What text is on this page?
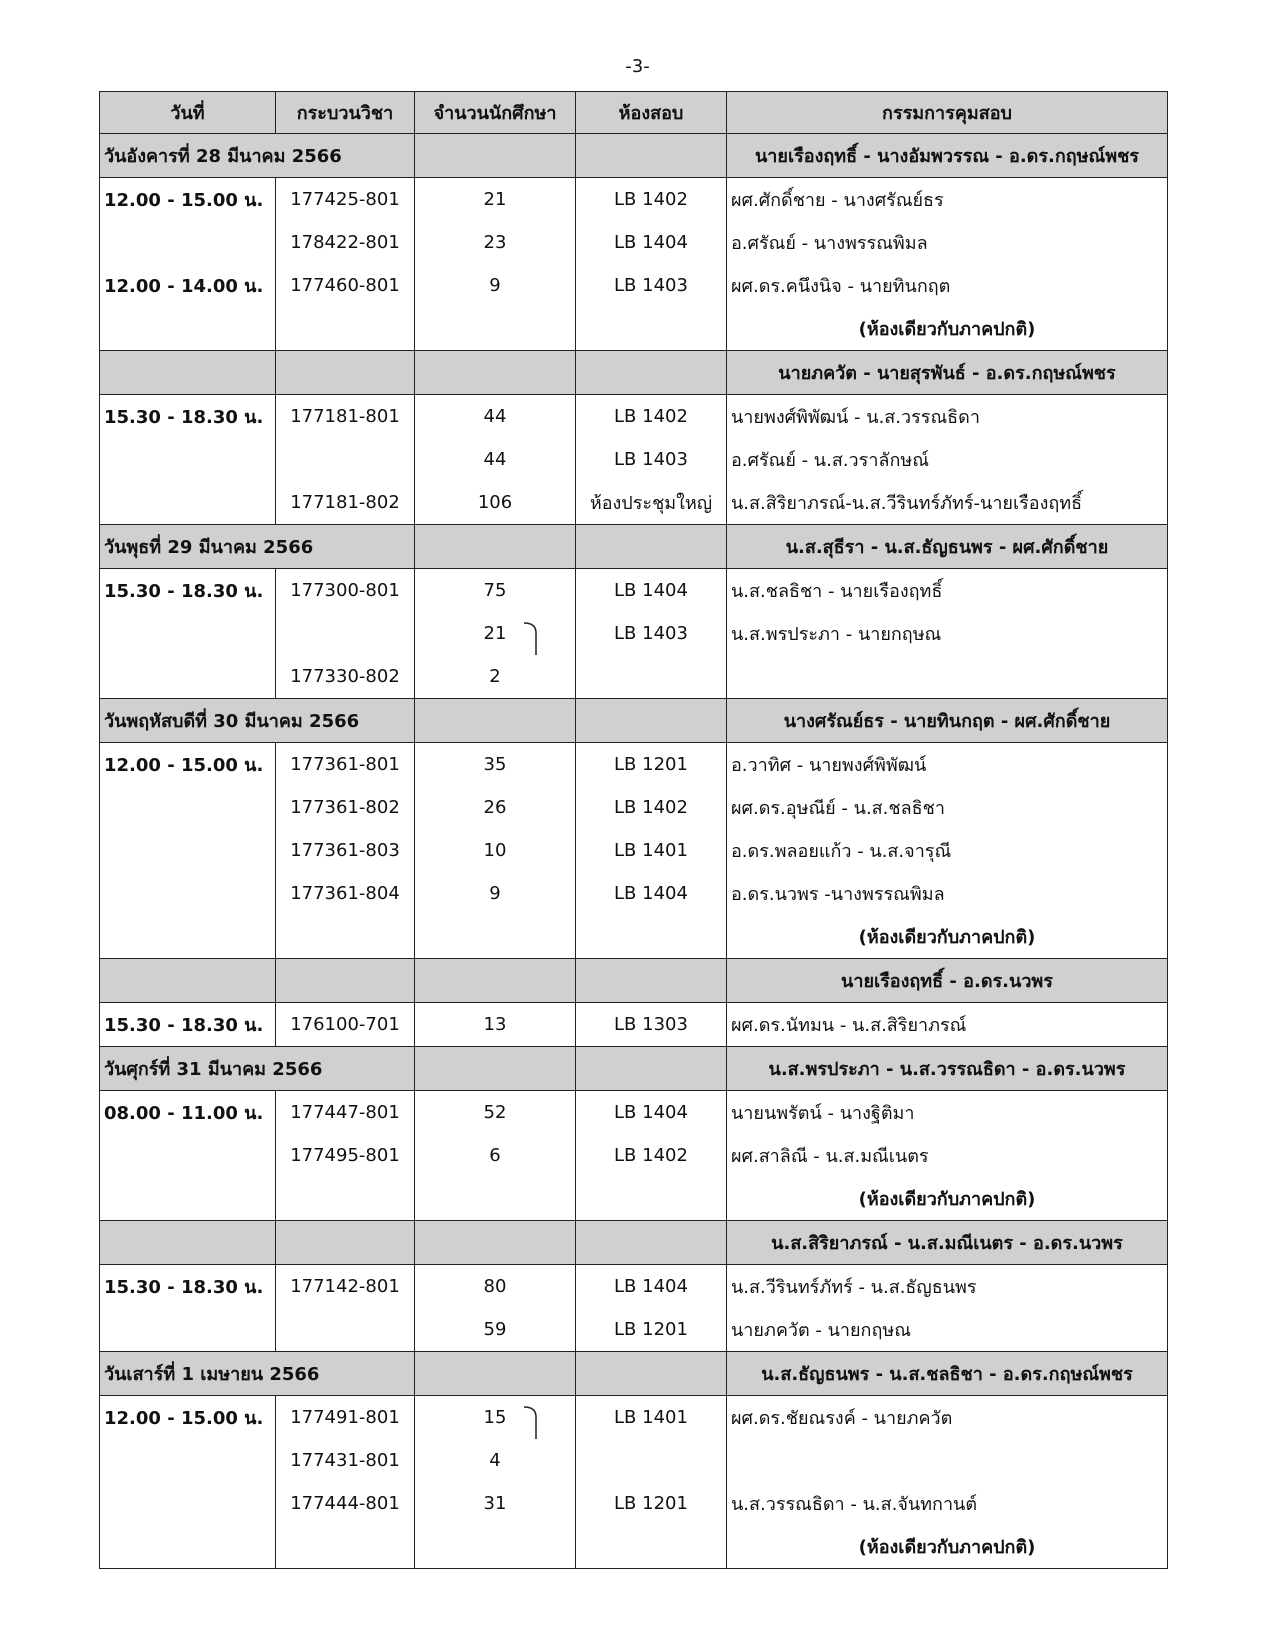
-3-
วันที่	กระบวนวิชา	จำนวนนักศึกษา	ห้องสอบ	กรรมการคุมสอบ
วันอังคารที่ 28 มีนาคม 2566				นายเรืองฤทธิ์ - นางอัมพวรรณ - อ.ดร.กฤษณ์พชร
12.00 - 15.00 น.	177425-801	21	LB 1402	ผศ.ศักดิ์ชาย - นางศรัณย์ธร
	178422-801	23	LB 1404	อ.ศรัณย์ - นางพรรณพิมล
12.00 - 14.00 น.	177460-801	9	LB 1403	ผศ.ดร.คนึงนิจ - นายทินกฤต
				(ห้องเดียวกับภาคปกติ)
				นายภควัต - นายสุรพันธ์ - อ.ดร.กฤษณ์พชร
15.30 - 18.30 น.	177181-801	44	LB 1402	นายพงศ์พิพัฒน์ - น.ส.วรรณธิดา
		44	LB 1403	อ.ศรัณย์ - น.ส.วราลักษณ์
	177181-802	106	ห้องประชุมใหญ่	น.ส.สิริยาภรณ์-น.ส.วีรินทร์ภัทร์-นายเรืองฤทธิ์
วันพุธที่ 29 มีนาคม 2566				น.ส.สุธีรา - น.ส.ธัญธนพร - ผศ.ศักดิ์ชาย
15.30 - 18.30 น.	177300-801	75	LB 1404	น.ส.ชลธิชา - นายเรืองฤทธิ์
		21	LB 1403	น.ส.พรประภา - นายกฤษณ
	177330-802	2		
วันพฤหัสบดีที่ 30 มีนาคม 2566				นางศรัณย์ธร - นายทินกฤต - ผศ.ศักดิ์ชาย
12.00 - 15.00 น.	177361-801	35	LB 1201	อ.วาทิศ - นายพงศ์พิพัฒน์
	177361-802	26	LB 1402	ผศ.ดร.อุษณีย์ - น.ส.ชลธิชา
	177361-803	10	LB 1401	อ.ดร.พลอยแก้ว - น.ส.จารุณี
	177361-804	9	LB 1404	อ.ดร.นวพร -นางพรรณพิมล
				(ห้องเดียวกับภาคปกติ)
				นายเรืองฤทธิ์ - อ.ดร.นวพร
15.30 - 18.30 น.	176100-701	13	LB 1303	ผศ.ดร.นัทมน - น.ส.สิริยาภรณ์
วันศุกร์ที่ 31 มีนาคม 2566				น.ส.พรประภา - น.ส.วรรณธิดา - อ.ดร.นวพร
08.00 - 11.00 น.	177447-801	52	LB 1404	นายนพรัตน์ - นางฐิติมา
	177495-801	6	LB 1402	ผศ.สาลิณี - น.ส.มณีเนตร
				(ห้องเดียวกับภาคปกติ)
				น.ส.สิริยาภรณ์ - น.ส.มณีเนตร - อ.ดร.นวพร
15.30 - 18.30 น.	177142-801	80	LB 1404	น.ส.วีรินทร์ภัทร์ - น.ส.ธัญธนพร
		59	LB 1201	นายภควัต - นายกฤษณ
วันเสาร์ที่ 1 เมษายน 2566				น.ส.ธัญธนพร - น.ส.ชลธิชา - อ.ดร.กฤษณ์พชร
12.00 - 15.00 น.	177491-801	15	LB 1401	ผศ.ดร.ชัยณรงค์ - นายภควัต
	177431-801	4		
	177444-801	31	LB 1201	น.ส.วรรณธิดา - น.ส.จันทกานต์
				(ห้องเดียวกับภาคปกติ)
